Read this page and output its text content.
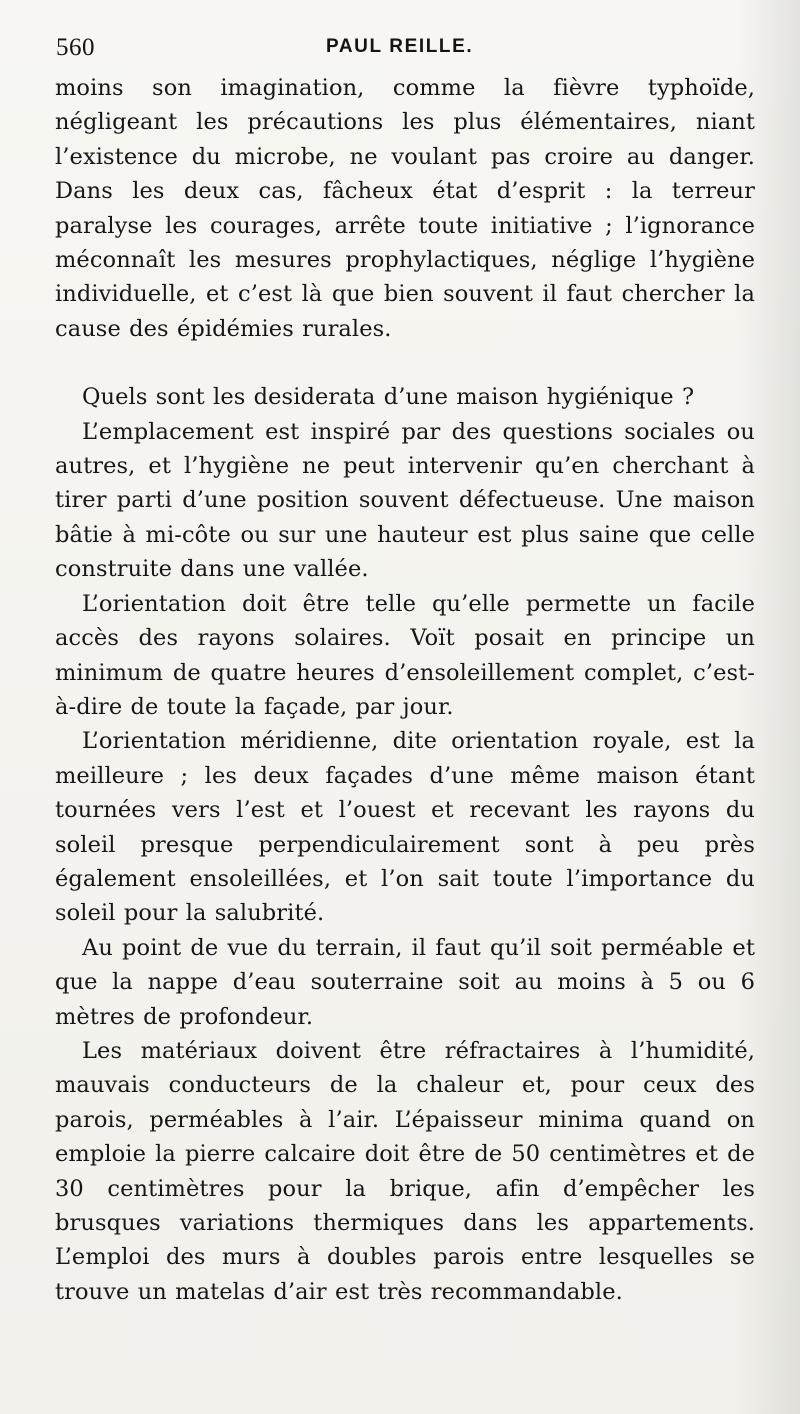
560	PAUL REILLE.

moins son imagination, comme la fièvre typhoïde, négligeant les précautions les plus élémentaires, niant l’existence du microbe, ne voulant pas croire au danger. Dans les deux cas, fâcheux état d’esprit : la terreur paralyse les courages, arrête toute initiative ; l’ignorance méconnaît les mesures prophylactiques, néglige l’hygiène individuelle, et c’est là que bien souvent il faut chercher la cause des épidémies rurales.

Quels sont les desiderata d’une maison hygiénique ?

L’emplacement est inspiré par des questions sociales ou autres, et l’hygiène ne peut intervenir qu’en cherchant à tirer parti d’une position souvent défectueuse. Une maison bâtie à mi-côte ou sur une hauteur est plus saine que celle construite dans une vallée.

L’orientation doit être telle qu’elle permette un facile accès des rayons solaires. Voït posait en principe un minimum de quatre heures d’ensoleillement complet, c’est-à-dire de toute la façade, par jour.

L’orientation méridienne, dite orientation royale, est la meilleure ; les deux façades d’une même maison étant tournées vers l’est et l’ouest et recevant les rayons du soleil presque perpendiculairement sont à peu près également ensoleillées, et l’on sait toute l’importance du soleil pour la salubrité.

Au point de vue du terrain, il faut qu’il soit perméable et que la nappe d’eau souterraine soit au moins à 5 ou 6 mètres de profondeur.

Les matériaux doivent être réfractaires à l’humidité, mauvais conducteurs de la chaleur et, pour ceux des parois, perméables à l’air. L’épaisseur minima quand on emploie la pierre calcaire doit être de 50 centimètres et de 30 centimètres pour la brique, afin d’empêcher les brusques variations thermiques dans les appartements. L’emploi des murs à doubles parois entre lesquelles se trouve un matelas d’air est très recommandable.
